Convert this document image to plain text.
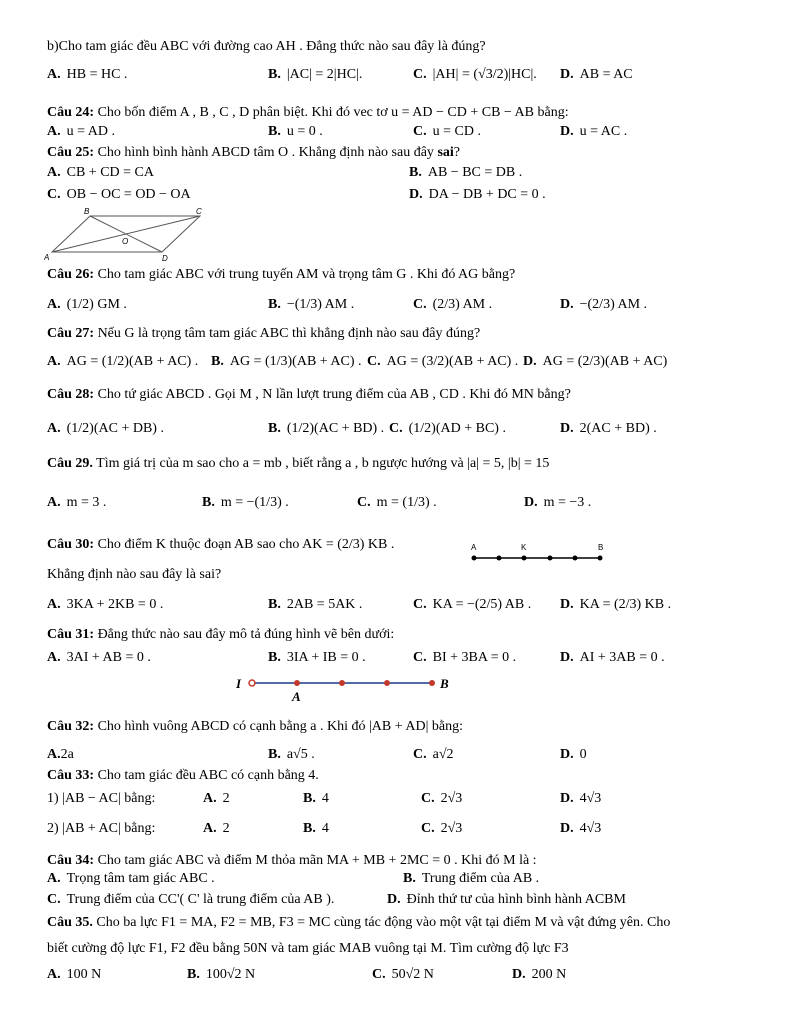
b)Cho tam giác đều ABC với đường cao AH . Đẳng thức nào sau đây là đúng?
A. HB = HC .	B. |AC| = 2|HC|.	C. |AH| = (√3/2)|HC|. D. AB = AC
Câu 24: Cho bốn điểm A , B , C , D phân biệt. Khi đó vec tơ u = AD − CD + CB − AB bằng:
A. u = AD .	B. u = 0 .	C. u = CD .	D. u = AC .
Câu 25: Cho hình bình hành ABCD tâm O . Khẳng định nào sau đây sai?
A. CB + CD = CA	B. AB − BC = DB .
C. OB − OC = OD − OA	D. DA − DB + DC = 0 .
B	C
O
A	D
Câu 26: Cho tam giác ABC với trung tuyến AM và trọng tâm G . Khi đó AG bằng?
A. (1/2) GM .	B. −(1/3) AM .	C. (2/3) AM .	D. −(2/3) AM .
Câu 27: Nếu G là trọng tâm tam giác ABC thì khẳng định nào sau đây đúng?
A. AG = (1/2)(AB + AC) . B. AG = (1/3)(AB + AC) . C. AG = (3/2)(AB + AC) . D. AG = (2/3)(AB + AC)
Câu 28: Cho tứ giác ABCD . Gọi M , N lần lượt trung điểm của AB , CD . Khi đó MN bằng?
A. (1/2)(AC + DB) .	B. (1/2)(AC + BD) . C. (1/2)(AD + BC) .	D. 2(AC + BD) .
Câu 29. Tìm giá trị của m sao cho a = mb , biết rằng a , b ngược hướng và |a| = 5, |b| = 15
A. m = 3 .	B. m = −(1/3) .	C. m = (1/3) .	D. m = −3 .
Câu 30: Cho điểm K thuộc đoạn AB sao cho AK = (2/3) KB .	A	K	B
Khẳng định nào sau đây là sai?
A. 3KA + 2KB = 0 .	B. 2AB = 5AK .	C. KA = −(2/5) AB . D. KA = (2/3) KB .
Câu 31: Đẳng thức nào sau đây mô tả đúng hình vẽ bên dưới:
A. 3AI + AB = 0 .	B. 3IA + IB = 0 .	C. BI + 3BA = 0 .	D. AI + 3AB = 0 .
I	B
A
Câu 32: Cho hình vuông ABCD có cạnh bằng a . Khi đó |AB + AD| bằng:
A.2a	B. a√5 .	C. a√2	D. 0
Câu 33: Cho tam giác đều ABC có cạnh bằng 4.
1) |AB − AC| bằng:	A. 2	B. 4	C. 2√3	D. 4√3
2) |AB + AC| bằng:	A. 2	B. 4	C. 2√3	D. 4√3
Câu 34: Cho tam giác ABC và điểm M thỏa mãn MA + MB + 2MC = 0 . Khi đó M là :
A. Trọng tâm tam giác ABC .	B. Trung điểm của AB .
C. Trung điểm của CC'( C' là trung điểm của AB ).	D. Đỉnh thứ tư của hình bình hành ACBM
Câu 35. Cho ba lực F1 = MA, F2 = MB, F3 = MC cùng tác động vào một vật tại điểm M và vật đứng yên. Cho
biết cường độ lực F1, F2 đều bằng 50N và tam giác MAB vuông tại M. Tìm cường độ lực F3
A. 100 N	B. 100√2 N	C. 50√2 N	D. 200 N
